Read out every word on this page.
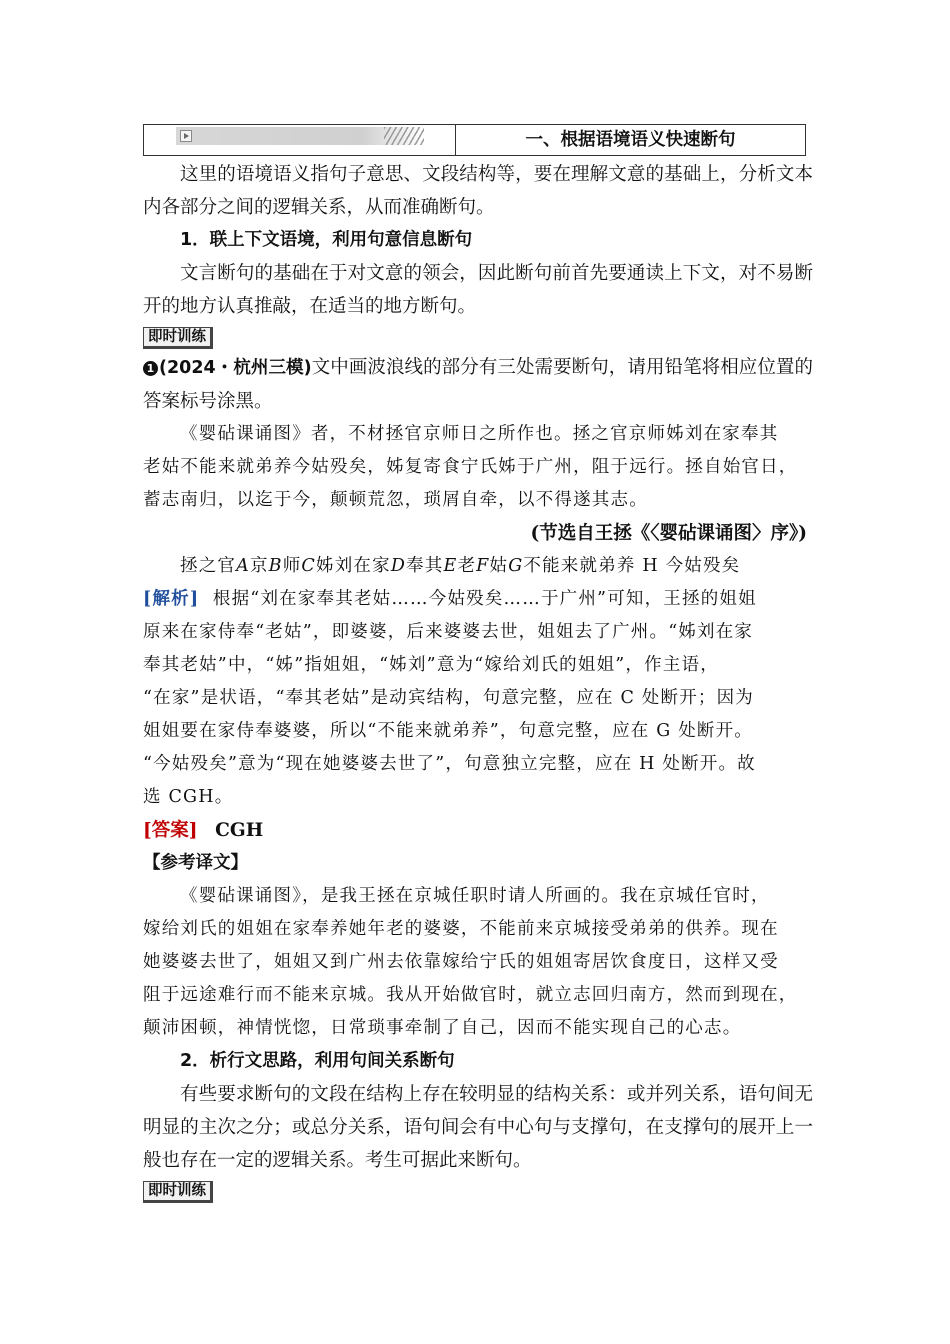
一、根据语境语义快速断句

这里的语境语义指句子意思、文段结构等，要在理解文意的基础上，分析文本内各部分之间的逻辑关系，从而准确断句。

1．联上下文语境，利用句意信息断句

文言断句的基础在于对文意的领会，因此断句前首先要通读上下文，对不易断开的地方认真推敲，在适当的地方断句。

即时训练

1 (2024・杭州三模)文中画波浪线的部分有三处需要断句，请用铅笔将相应位置的答案标号涂黑。

《婴砧课诵图》者，不材拯官京师日之所作也。拯之官京师姊刘在家奉其
老姑不能来就弟养今姑殁矣，姊复寄食宁氏姊于广州，阻于远行。拯自始官日，
蓄志南归，以迄于今，颠顿荒忽，琐屑自牵，以不得遂其志。

(节选自王拯《〈婴砧课诵图〉序》)

拯之官A京B师C姊刘在家D奉其E老F姑G不能来就弟养 H 今姑殁矣

[解析] 根据“刘在家奉其老姑……今姑殁矣……于广州”可知，王拯的姐姐
原来在家侍奉“老姑”，即婆婆，后来婆婆去世，姐姐去了广州。“姊刘在家
奉其老姑”中，“姊”指姐姐，“姊刘”意为“嫁给刘氏的姐姐”，作主语，
“在家”是状语，“奉其老姑”是动宾结构，句意完整，应在 C 处断开；因为
姐姐要在家侍奉婆婆，所以“不能来就弟养”，句意完整，应在 G 处断开。
“今姑殁矣”意为“现在她婆婆去世了”，句意独立完整，应在 H 处断开。故
选 CGH。

[答案] CGH

【参考译文】

《婴砧课诵图》，是我王拯在京城任职时请人所画的。我在京城任官时，
嫁给刘氏的姐姐在家奉养她年老的婆婆，不能前来京城接受弟弟的供养。现在
她婆婆去世了，姐姐又到广州去依靠嫁给宁氏的姐姐寄居饮食度日，这样又受
阻于远途难行而不能来京城。我从开始做官时，就立志回归南方，然而到现在，
颠沛困顿，神情恍惚，日常琐事牵制了自己，因而不能实现自己的心志。

2．析行文思路，利用句间关系断句

有些要求断句的文段在结构上存在较明显的结构关系：或并列关系，语句间无明显的主次之分；或总分关系，语句间会有中心句与支撑句，在支撑句的展开上一般也存在一定的逻辑关系。考生可据此来断句。

即时训练
